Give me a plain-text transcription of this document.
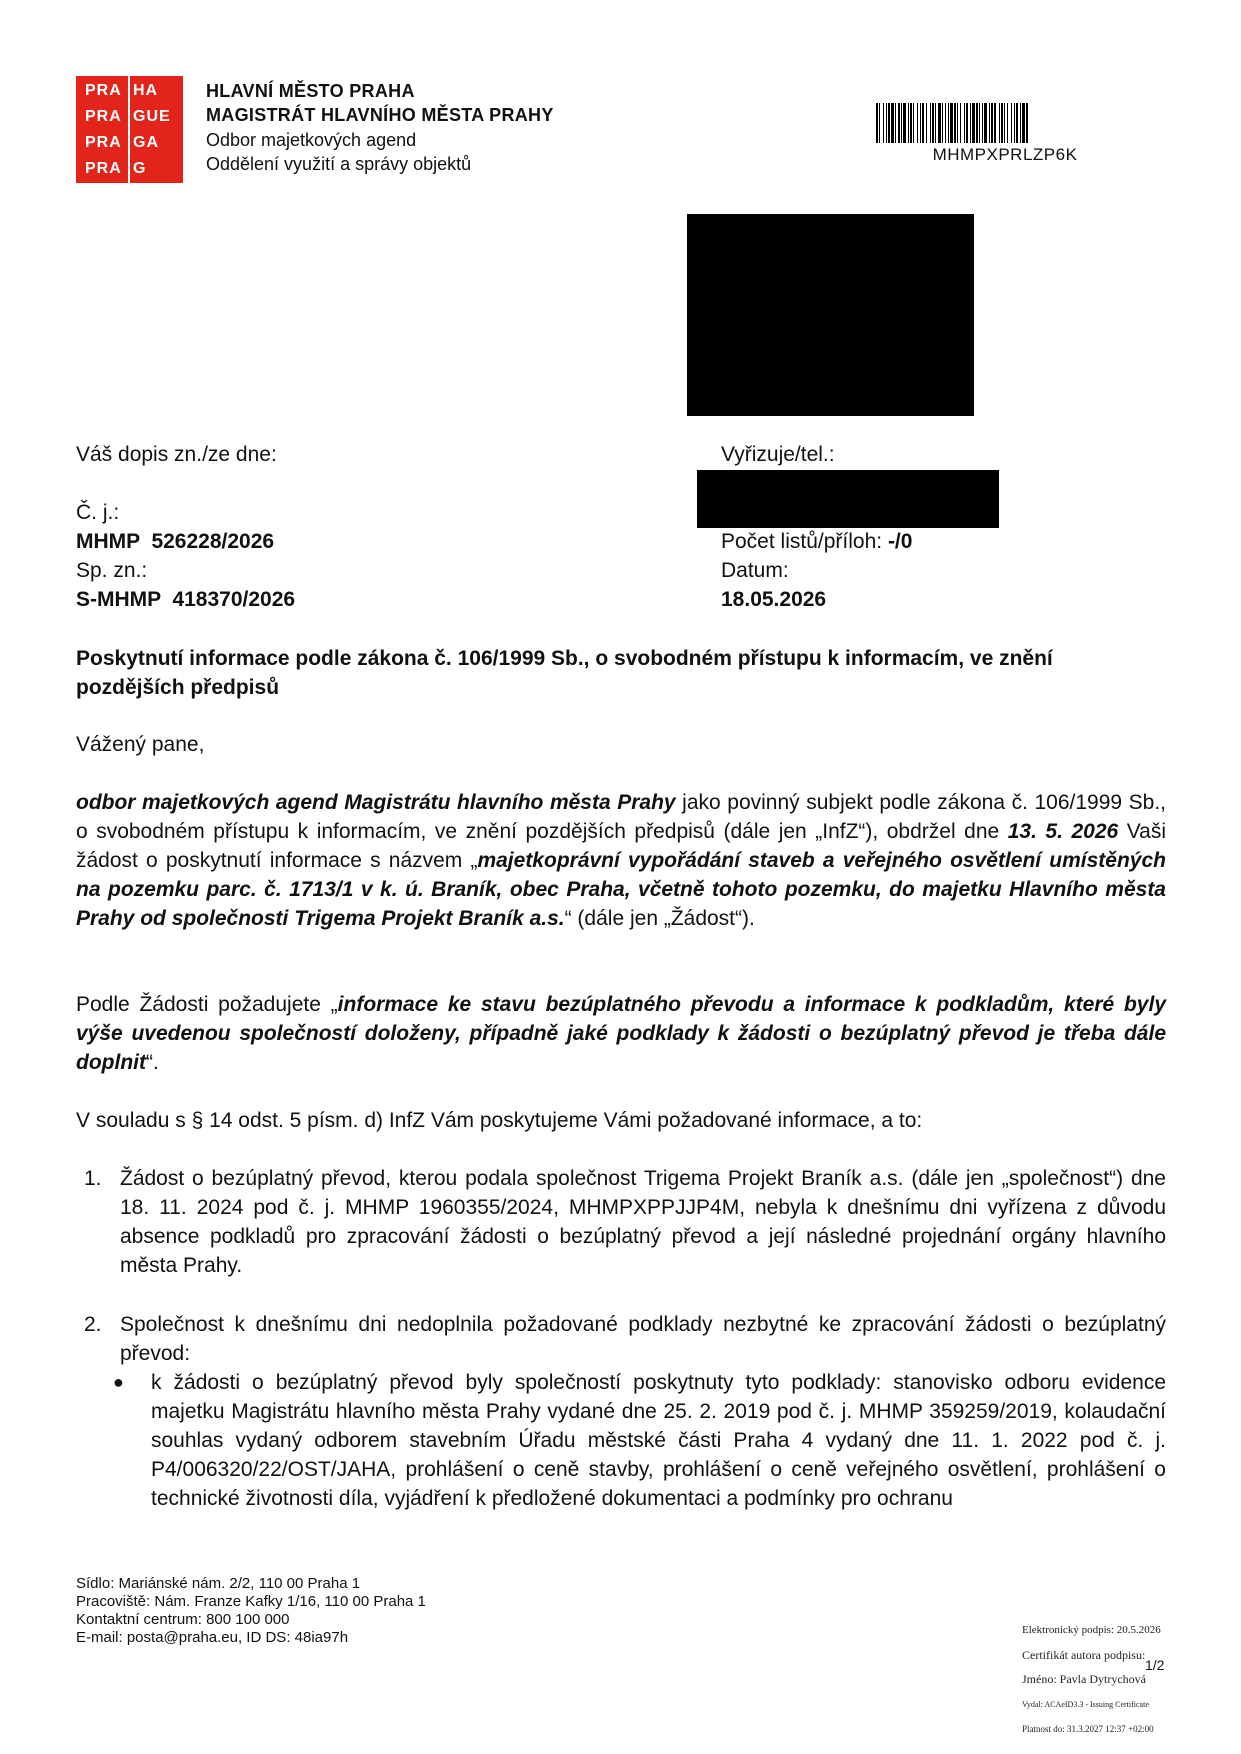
PRA HA
PRA GUE
PRA GA
PRA G
HLAVNÍ MĚSTO PRAHA
MAGISTRÁT HLAVNÍHO MĚSTA PRAHY
Odbor majetkových agend
Oddělení využití a správy objektů	MHMPXPRLZP6K
Váš dopis zn./ze dne:	Vyřizuje/tel.:
Č. j.:
MHMP  526228/2026	Počet listů/příloh: -/0
Sp. zn.:	Datum:
S-MHMP  418370/2026	18.05.2026
Poskytnutí informace podle zákona č. 106/1999 Sb., o svobodném přístupu k informacím, ve znění pozdějších předpisů
Vážený pane,
odbor majetkových agend Magistrátu hlavního města Prahy jako povinný subjekt podle zákona č. 106/1999 Sb., o svobodném přístupu k informacím, ve znění pozdějších předpisů (dále jen „InfZ“), obdržel dne 13. 5. 2026 Vaši žádost o poskytnutí informace s názvem „majetkoprávní vypořádání staveb a veřejného osvětlení umístěných na pozemku parc. č. 1713/1 v k. ú. Braník, obec Praha, včetně tohoto pozemku, do majetku Hlavního města Prahy od společnosti Trigema Projekt Braník a.s.“ (dále jen „Žádost“).
Podle Žádosti požadujete „informace ke stavu bezúplatného převodu a informace k podkladům, které byly výše uvedenou společností doloženy, případně jaké podklady k žádosti o bezúplatný převod je třeba dále doplnit“.
V souladu s § 14 odst. 5 písm. d) InfZ Vám poskytujeme Vámi požadované informace, a to:
1. Žádost o bezúplatný převod, kterou podala společnost Trigema Projekt Braník a.s. (dále jen „společnost“) dne 18. 11. 2024 pod č. j. MHMP 1960355/2024, MHMPXPPJJP4M, nebyla k dnešnímu dni vyřízena z důvodu absence podkladů pro zpracování žádosti o bezúplatný převod a její následné projednání orgány hlavního města Prahy.
2. Společnost k dnešnímu dni nedoplnila požadované podklady nezbytné ke zpracování žádosti o bezúplatný převod:
● k žádosti o bezúplatný převod byly společností poskytnuty tyto podklady: stanovisko odboru evidence majetku Magistrátu hlavního města Prahy vydané dne 25. 2. 2019 pod č. j. MHMP 359259/2019, kolaudační souhlas vydaný odborem stavebním Úřadu městské části Praha 4 vydaný dne 11. 1. 2022 pod č. j. P4/006320/22/OST/JAHA, prohlášení o ceně stavby, prohlášení o ceně veřejného osvětlení, prohlášení o technické životnosti díla, vyjádření k předložené dokumentaci a podmínky pro ochranu
Sídlo: Mariánské nám. 2/2, 110 00 Praha 1
Pracoviště: Nám. Franze Kafky 1/16, 110 00 Praha 1
Kontaktní centrum: 800 100 000
E-mail: posta@praha.eu, ID DS: 48ia97h	Elektronický podpis: 20.5.2026
Certifikát autora podpisu:
Jméno: Pavla Dytrychová
Vydal: ACAeID3.3 - Issuing Certificate
Platnost do: 31.3.2027 12:37 +02:00
1/2
